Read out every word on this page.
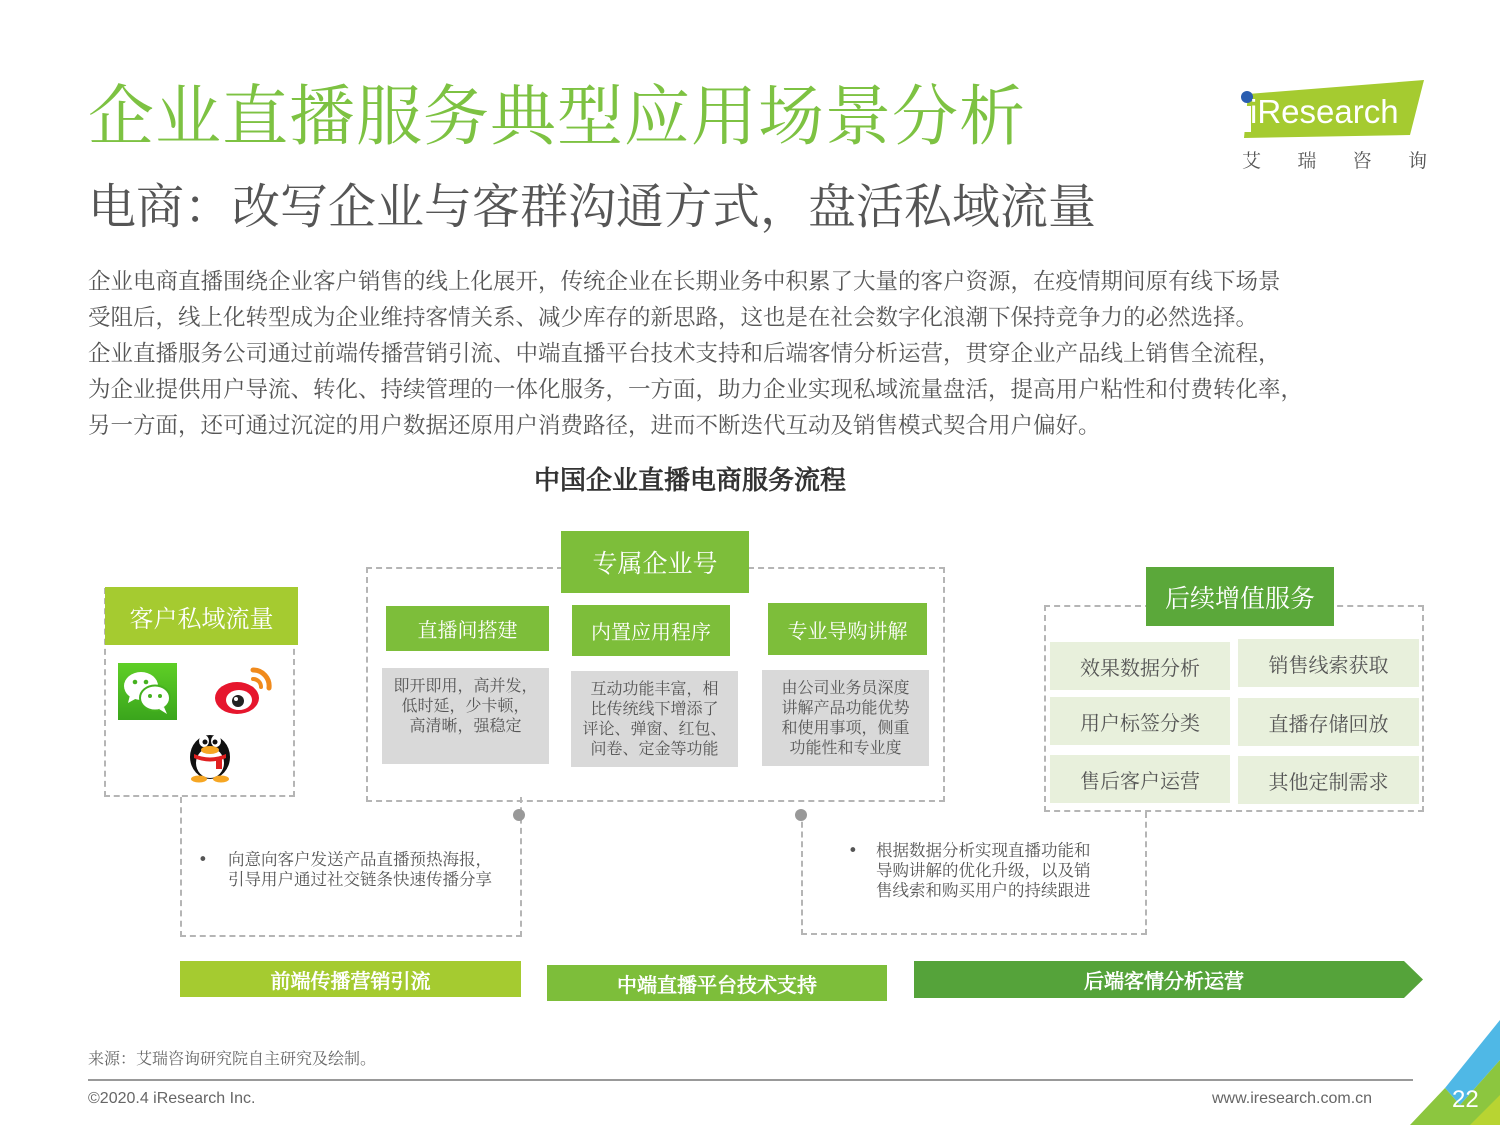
企业直播服务典型应用场景分析
电商：改写企业与客群沟通方式，盘活私域流量
iResearch
艾 瑞 咨 询

企业电商直播围绕企业客户销售的线上化展开，传统企业在长期业务中积累了大量的客户资源，在疫情期间原有线下场景

受阻后，线上化转型成为企业维持客情关系、减少库存的新思路，这也是在社会数字化浪潮下保持竞争力的必然选择。

企业直播服务公司通过前端传播营销引流、中端直播平台技术支持和后端客情分析运营，贯穿企业产品线上销售全流程，

为企业提供用户导流、转化、持续管理的一体化服务，一方面，助力企业实现私域流量盘活，提高用户粘性和付费转化率，

另一方面，还可通过沉淀的用户数据还原用户消费路径，进而不断迭代互动及销售模式契合用户偏好。

中国企业直播电商服务流程
客户私域流量
专属企业号
直播间搭建	内置应用程序	专业导购讲解
即开即用，高并发，
低时延，少卡顿，
高清晰，强稳定
互动功能丰富，相
比传统线下增添了
评论、弹窗、红包、
问卷、定金等功能
由公司业务员深度
讲解产品功能优势
和使用事项，侧重
功能性和专业度
后续增值服务
效果数据分析	销售线索获取
用户标签分类	直播存储回放
售后客户运营	其他定制需求
• 向意向客户发送产品直播预热海报，
引导用户通过社交链条快速传播分享
• 根据数据分析实现直播功能和
导购讲解的优化升级，以及销
售线索和购买用户的持续跟进
前端传播营销引流	中端直播平台技术支持	后端客情分析运营
来源：艾瑞咨询研究院自主研究及绘制。
©2020.4 iResearch Inc.	www.iresearch.com.cn	22
